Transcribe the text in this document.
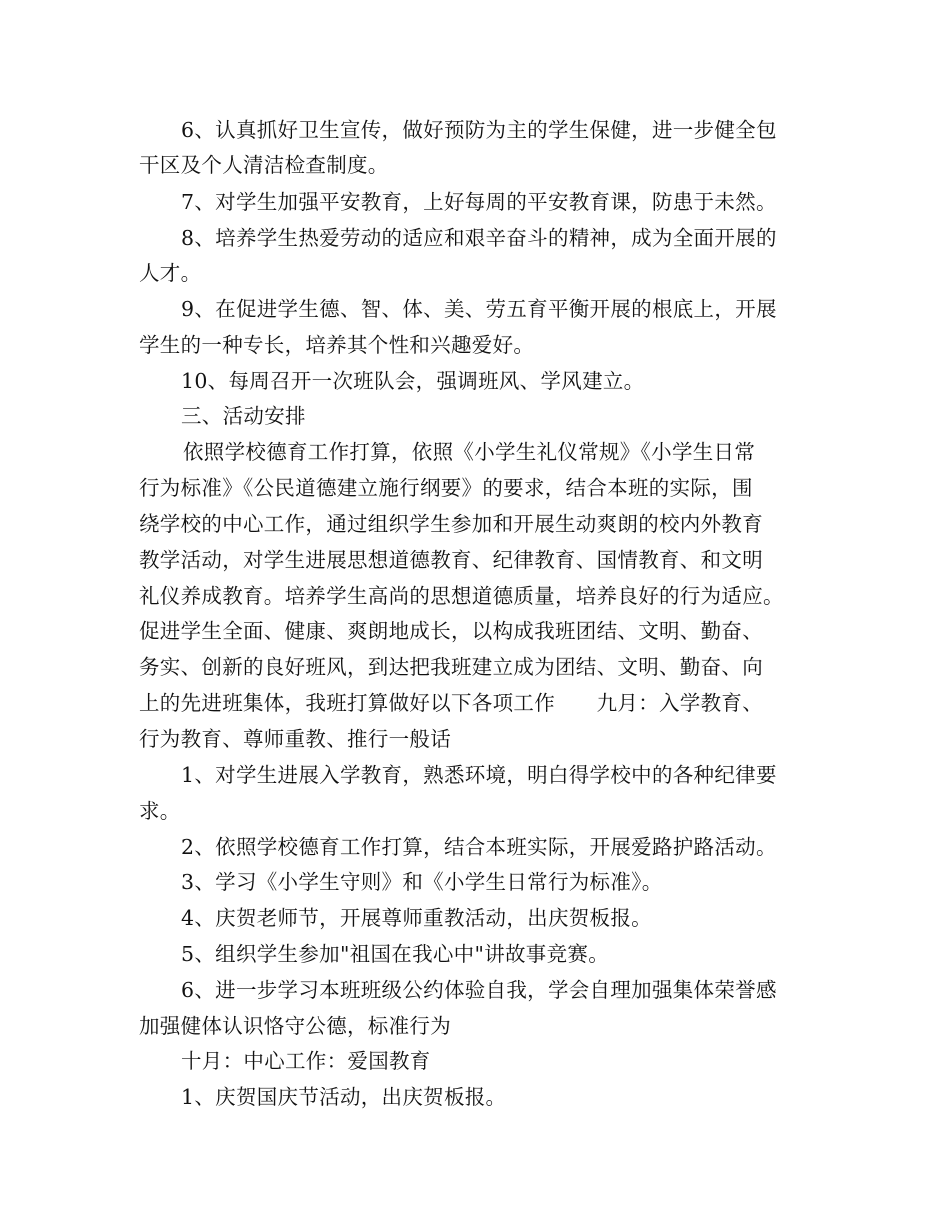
6、认真抓好卫生宣传，做好预防为主的学生保健，进一步健全包
干区及个人清洁检查制度。
7、对学生加强平安教育，上好每周的平安教育课，防患于未然。
8、培养学生热爱劳动的适应和艰辛奋斗的精神，成为全面开展的
人才。
9、在促进学生德、智、体、美、劳五育平衡开展的根底上，开展
学生的一种专长，培养其个性和兴趣爱好。
10、每周召开一次班队会，强调班风、学风建立。
三、活动安排
依照学校德育工作打算，依照《小学生礼仪常规》《小学生日常
行为标准》《公民道德建立施行纲要》的要求，结合本班的实际，围
绕学校的中心工作，通过组织学生参加和开展生动爽朗的校内外教育
教学活动，对学生进展思想道德教育、纪律教育、国情教育、和文明
礼仪养成教育。培养学生高尚的思想道德质量，培养良好的行为适应。
促进学生全面、健康、爽朗地成长，以构成我班团结、文明、勤奋、
务实、创新的良好班风，到达把我班建立成为团结、文明、勤奋、向
上的先进班集体，我班打算做好以下各项工作　　九月：入学教育、
行为教育、尊师重教、推行一般话
1、对学生进展入学教育，熟悉环境，明白得学校中的各种纪律要
求。
2、依照学校德育工作打算，结合本班实际，开展爱路护路活动。
3、学习《小学生守则》和《小学生日常行为标准》。
4、庆贺老师节，开展尊师重教活动，出庆贺板报。
5、组织学生参加"祖国在我心中"讲故事竞赛。
6、进一步学习本班班级公约体验自我，学会自理加强集体荣誉感
加强健体认识恪守公德，标准行为
十月：中心工作：爱国教育
1、庆贺国庆节活动，出庆贺板报。
